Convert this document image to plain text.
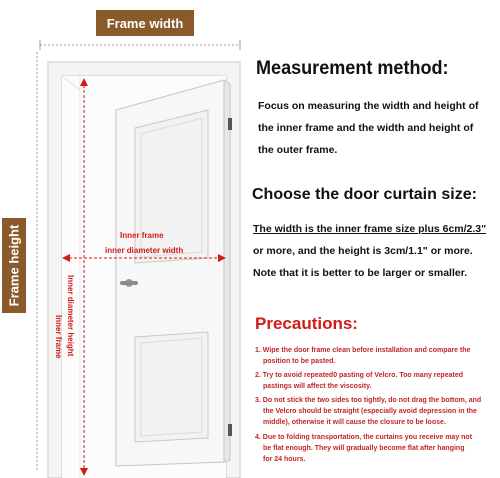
Frame width
Frame height	Inner frame
inner diameter width
Inner frame Inner diameter height
Measurement method:
Focus on measuring the width and height of
the inner frame and the width and height of
the outer frame.
Choose the door curtain size:
The width is the inner frame size plus 6cm/2.3"
or more, and the height is 3cm/1.1" or more.
Note that it is better to be larger or smaller.
Precautions:
1. Wipe the door frame clean before installation and compare the
position to be pasted.
2. Try to avoid repeated0 pasting of Velcro. Too many repeated
pastings will affect the viscosity.
3. Do not stick the two sides too tightly, do not drag the bottom, and
the Velcro should be straight (especially avoid depression in the
middle), otherwise it will cause the closure to be loose.
4. Due to folding transportation, the curtains you receive may not
be flat enough. They will gradually become flat after hanging
for 24 hours.
